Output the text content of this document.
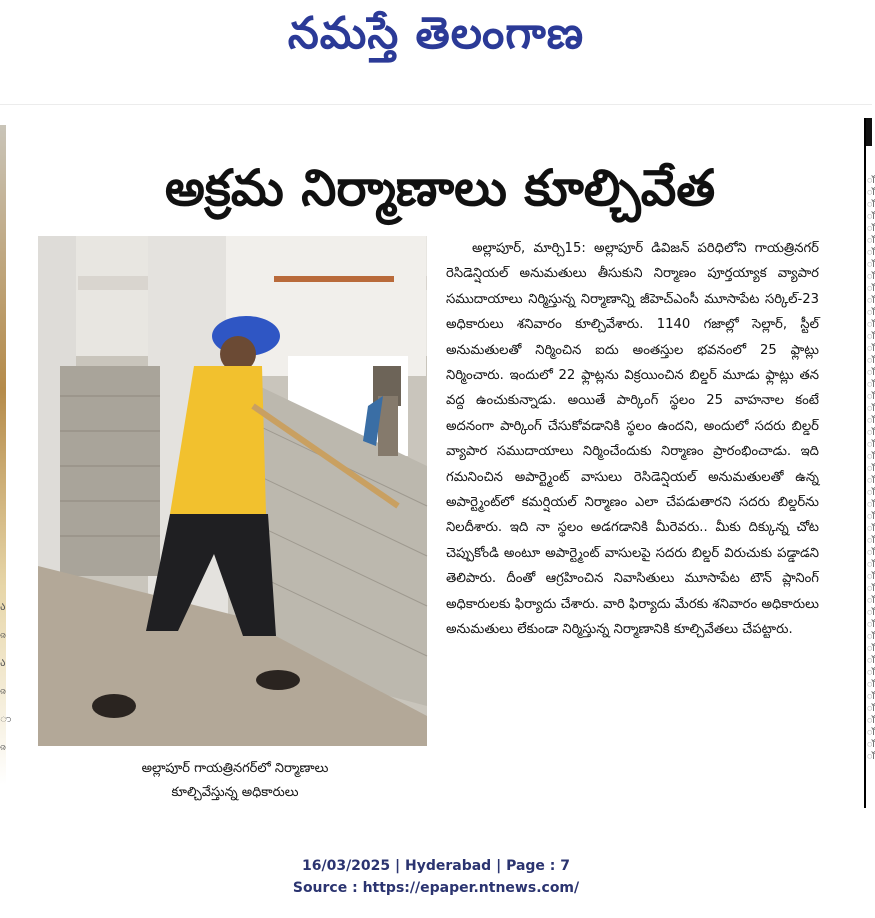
నమస్తే తెలంగాణ
ა
ၷ
ა
ၷ
ာ
ၷ
ॉ
ॉ
ॉ
ॉ
ॉ
ॉ
ॉ
ॉ
ॉ
ॉ
ॉ
ॉ
ॉ
ॉ
ॉ
ॉ
ॉ
ॉ
ॉ
ॉ
ॉ
ॉ
ॉ
ॉ
ॉ
ॉ
ॉ
ॉ
ॉ
ॉ
ॉ
ॉ
ॉ
ॉ
ॉ
ॉ
ॉ
ॉ
ॉ
ॉ
ॉ
ॉ
ॉ
ॉ
ॉ
ॉ
ॉ
ॉ
ॉ
అక్రమ నిర్మాణాలు కూల్చివేత
అల్లాపూర్ గాయత్రినగర్‌లో నిర్మాణాలు
కూల్చివేస్తున్న అధికారులు

అల్లాపూర్, మార్చి15: అల్లాపూర్ డివిజన్ పరిధిలోని గాయత్రినగర్ రెసిడెన్షియల్ అనుమతులు తీసుకుని నిర్మాణం పూర్తయ్యాక వ్యాపార సముదాయాలు నిర్మిస్తున్న నిర్మాణాన్ని జీహెచ్ఎంసీ మూసాపేట సర్కిల్-23 అధికారులు శనివారం కూల్చివేశారు. 1140 గజాల్లో సెల్లార్, స్టీల్ అనుమతులతో నిర్మించిన ఐదు అంతస్తుల భవనంలో 25 ఫ్లాట్లు నిర్మించారు. ఇందులో 22 ఫ్లాట్లను విక్రయించిన బిల్డర్ మూడు ఫ్లాట్లు తన వద్ద ఉంచుకున్నాడు. అయితే పార్కింగ్ స్థలం 25 వాహనాల కంటే అదనంగా పార్కింగ్ చేసుకోవడానికి స్థలం ఉందని, అందులో సదరు బిల్డర్ వ్యాపార సముదాయాలు నిర్మించేందుకు నిర్మాణం ప్రారంభించాడు. ఇది గమనించిన అపార్ట్మెంట్ వాసులు రెసిడెన్షియల్ అనుమతులతో ఉన్న అపార్ట్మెంట్‌లో కమర్షియల్ నిర్మాణం ఎలా చేపడుతారని సదరు బిల్డర్‌ను నిలదీశారు. ఇది నా స్థలం అడగడానికి మీరెవరు.. మీకు దిక్కున్న చోట చెప్పుకోండి అంటూ అపార్ట్మెంట్ వాసులపై సదరు బిల్డర్ విరుచుకు పడ్డాడని తెలిపారు. దీంతో ఆగ్రహించిన నివాసితులు మూసాపేట టౌన్ ప్లానింగ్ అధికారులకు ఫిర్యాదు చేశారు. వారి ఫిర్యాదు మేరకు శనివారం అధికారులు అనుమతులు లేకుండా నిర్మిస్తున్న నిర్మాణానికి కూల్చివేతలు చేపట్టారు.

16/03/2025 | Hyderabad | Page : 7
Source : https://epaper.ntnews.com/
